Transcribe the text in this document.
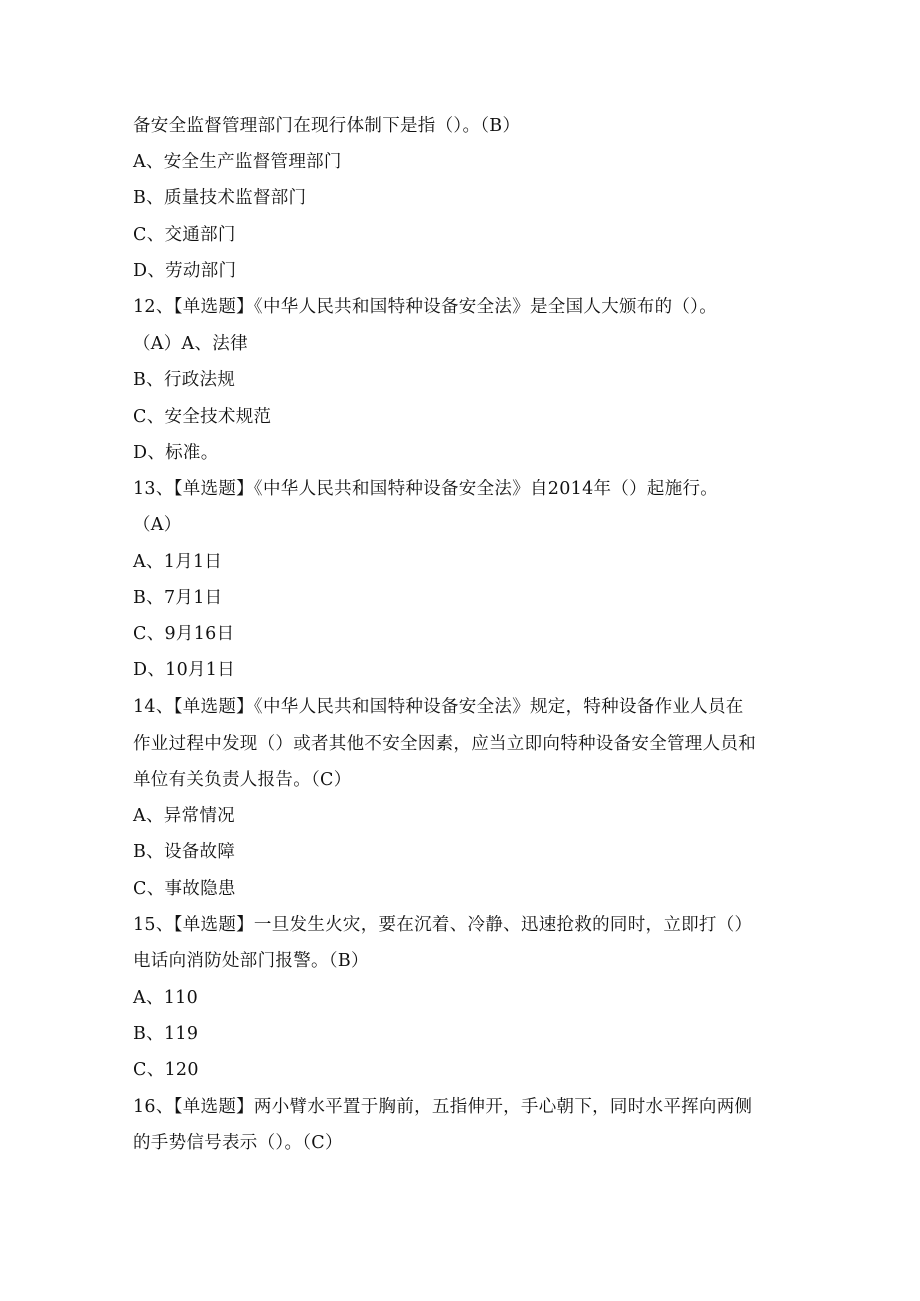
备安全监督管理部门在现行体制下是指（）。（B）
A、安全生产监督管理部门
B、质量技术监督部门
C、交通部门
D、劳动部门
12、【单选题】《中华人民共和国特种设备安全法》是全国人大颁布的（）。
（A）A、法律
B、行政法规
C、安全技术规范
D、标准。
13、【单选题】《中华人民共和国特种设备安全法》自2014年（）起施行。
（A）
A、1月1日
B、7月1日
C、9月16日
D、10月1日
14、【单选题】《中华人民共和国特种设备安全法》规定，特种设备作业人员在
作业过程中发现（）或者其他不安全因素，应当立即向特种设备安全管理人员和
单位有关负责人报告。（C）
A、异常情况
B、设备故障
C、事故隐患
15、【单选题】一旦发生火灾，要在沉着、冷静、迅速抢救的同时，立即打（）
电话向消防处部门报警。（B）
A、110
B、119
C、120
16、【单选题】两小臂水平置于胸前，五指伸开，手心朝下，同时水平挥向两侧
的手势信号表示（）。（C）
